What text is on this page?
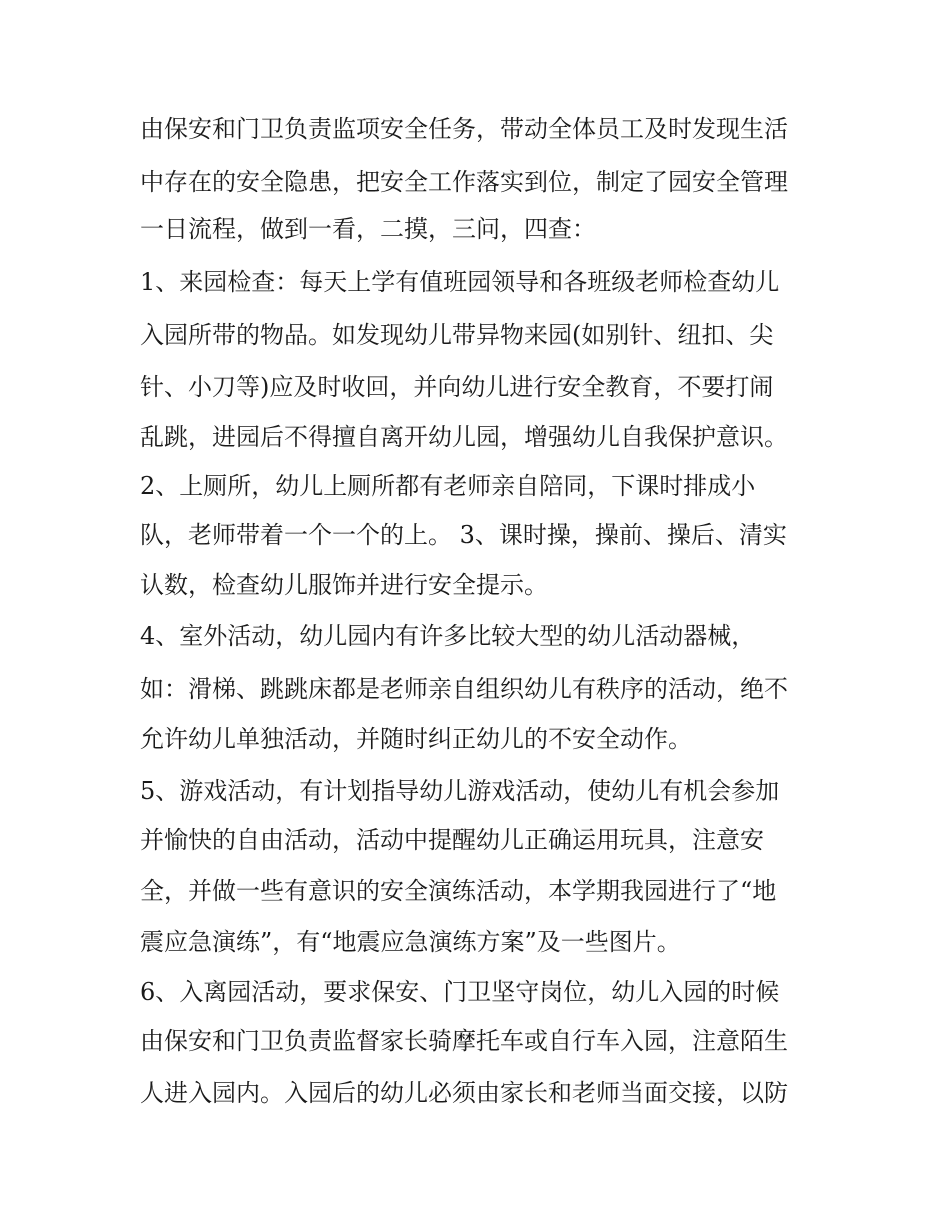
由保安和门卫负责监项安全任务，带动全体员工及时发现生活

中存在的安全隐患，把安全工作落实到位，制定了园安全管理

一日流程，做到一看，二摸，三问，四查：

1、来园检查：每天上学有值班园领导和各班级老师检查幼儿

入园所带的物品。如发现幼儿带异物来园(如别针、纽扣、尖

针、小刀等)应及时收回，并向幼儿进行安全教育，不要打闹

乱跳，进园后不得擅自离开幼儿园，增强幼儿自我保护意识。

2、上厕所，幼儿上厕所都有老师亲自陪同，下课时排成小

队，老师带着一个一个的上。 3、课时操，操前、操后、清实

认数，检查幼儿服饰并进行安全提示。

4、室外活动，幼儿园内有许多比较大型的幼儿活动器械，

如：滑梯、跳跳床都是老师亲自组织幼儿有秩序的活动，绝不

允许幼儿单独活动，并随时纠正幼儿的不安全动作。

5、游戏活动，有计划指导幼儿游戏活动，使幼儿有机会参加

并愉快的自由活动，活动中提醒幼儿正确运用玩具，注意安

全，并做一些有意识的安全演练活动，本学期我园进行了“地

震应急演练”，有“地震应急演练方案”及一些图片。

6、入离园活动，要求保安、门卫坚守岗位，幼儿入园的时候

由保安和门卫负责监督家长骑摩托车或自行车入园，注意陌生

人进入园内。入园后的幼儿必须由家长和老师当面交接，以防
